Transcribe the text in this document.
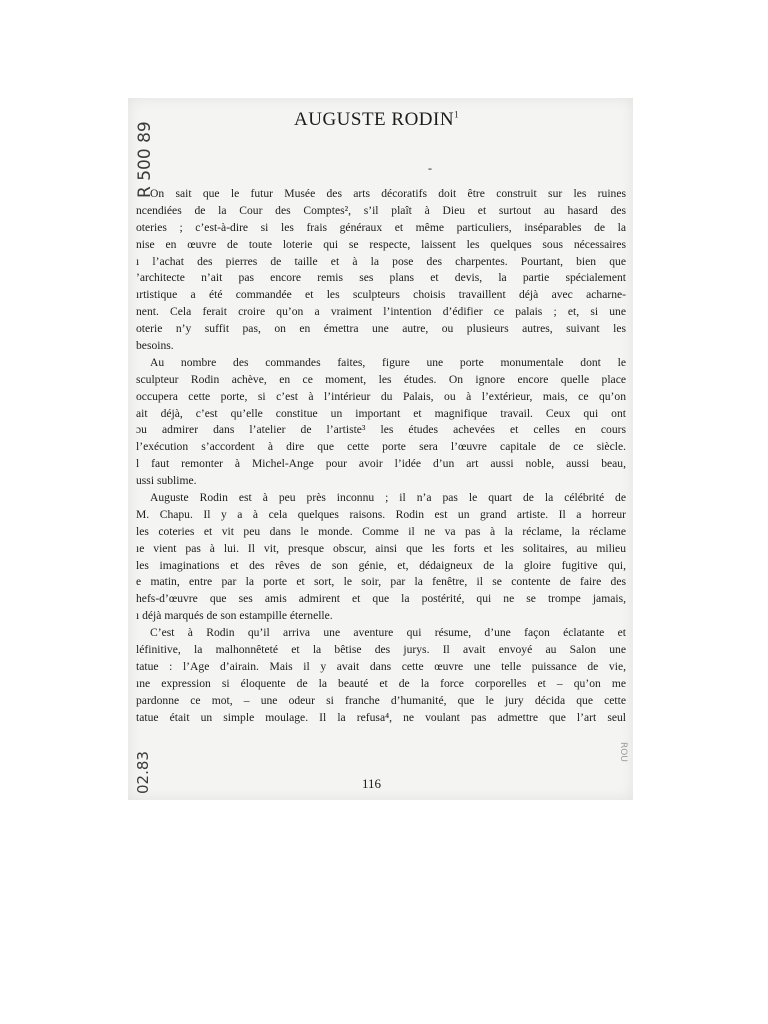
R 500 89
AUGUSTE RODIN$^1$
-
On sait que le futur Musée des arts décoratifs doit être construit sur les ruines
ncendiées de la Cour des Comptes², s’il plaît à Dieu et surtout au hasard des
oteries ; c’est-à-dire si les frais généraux et même particuliers, inséparables de la
nise en œuvre de toute loterie qui se respecte, laissent les quelques sous nécessaires
ı l’achat des pierres de taille et à la pose des charpentes. Pourtant, bien que
’architecte n’ait pas encore remis ses plans et devis, la partie spécialement
ırtistique a été commandée et les sculpteurs choisis travaillent déjà avec acharne-
nent. Cela ferait croire qu’on a vraiment l’intention d’édifier ce palais ; et, si une
oterie n’y suffit pas, on en émettra une autre, ou plusieurs autres, suivant les
besoins.
Au nombre des commandes faites, figure une porte monumentale dont le
sculpteur Rodin achève, en ce moment, les études. On ignore encore quelle place
occupera cette porte, si c’est à l’intérieur du Palais, ou à l’extérieur, mais, ce qu’on
ait déjà, c’est qu’elle constitue un important et magnifique travail. Ceux qui ont
ɔu admirer dans l’atelier de l’artiste³ les études achevées et celles en cours
l’exécution s’accordent à dire que cette porte sera l’œuvre capitale de ce siècle.
l faut remonter à Michel-Ange pour avoir l’idée d’un art aussi noble, aussi beau,
ussi sublime.
Auguste Rodin est à peu près inconnu ; il n’a pas le quart de la célébrité de
M. Chapu. Il y a à cela quelques raisons. Rodin est un grand artiste. Il a horreur
les coteries et vit peu dans le monde. Comme il ne va pas à la réclame, la réclame
ıe vient pas à lui. Il vit, presque obscur, ainsi que les forts et les solitaires, au milieu
les imaginations et des rêves de son génie, et, dédaigneux de la gloire fugitive qui,
e matin, entre par la porte et sort, le soir, par la fenêtre, il se contente de faire des
hefs-d’œuvre que ses amis admirent et que la postérité, qui ne se trompe jamais,
ı déjà marqués de son estampille éternelle.
C’est à Rodin qu’il arriva une aventure qui résume, d’une façon éclatante et
léfinitive, la malhonnêteté et la bêtise des jurys. Il avait envoyé au Salon une
tatue : l’Age d’airain. Mais il y avait dans cette œuvre une telle puissance de vie,
ıne expression si éloquente de la beauté et de la force corporelles et – qu’on me
pardonne ce mot, – une odeur si franche d’humanité, que le jury décida que cette
tatue était un simple moulage. Il la refusa⁴, ne voulant pas admettre que l’art seul
02.83	ROU
116
